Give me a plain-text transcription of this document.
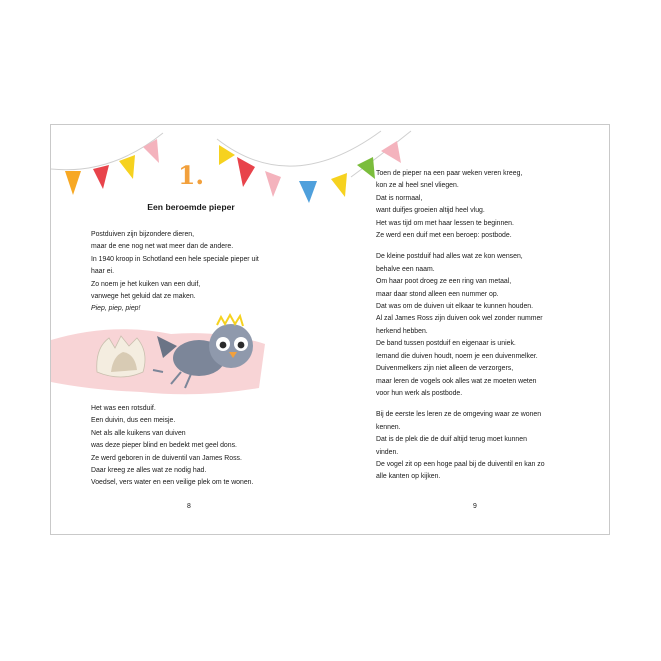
1.
Een beroemde pieper
Postduiven zijn bijzondere dieren,
maar de ene nog net wat meer dan de andere.
In 1940 kroop in Schotland een hele speciale pieper uit
haar ei.
Zo noem je het kuiken van een duif,
vanwege het geluid dat ze maken.
Piep, piep, piep!
Het was een rotsduif.
Een duivin, dus een meisje.
Net als alle kuikens van duiven
was deze pieper blind en bedekt met geel dons.
Ze werd geboren in de duiventil van James Ross.
Daar kreeg ze alles wat ze nodig had.
Voedsel, vers water en een veilige plek om te wonen.
Toen de pieper na een paar weken veren kreeg,
kon ze al heel snel vliegen.
Dat is normaal,
want duifjes groeien altijd heel vlug.
Het was tijd om met haar lessen te beginnen.
Ze werd een duif met een beroep: postbode.
De kleine postduif had alles wat ze kon wensen,
behalve een naam.
Om haar poot droeg ze een ring van metaal,
maar daar stond alleen een nummer op.
Dat was om de duiven uit elkaar te kunnen houden.
Al zal James Ross zijn duiven ook wel zonder nummer
herkend hebben.
De band tussen postduif en eigenaar is uniek.
Iemand die duiven houdt, noem je een duivenmelker.
Duivenmelkers zijn niet alleen de verzorgers,
maar leren de vogels ook alles wat ze moeten weten
voor hun werk als postbode.
Bij de eerste les leren ze de omgeving waar ze wonen
kennen.
Dat is de plek die de duif altijd terug moet kunnen
vinden.
De vogel zit op een hoge paal bij de duiventil en kan zo
alle kanten op kijken.
8	9
